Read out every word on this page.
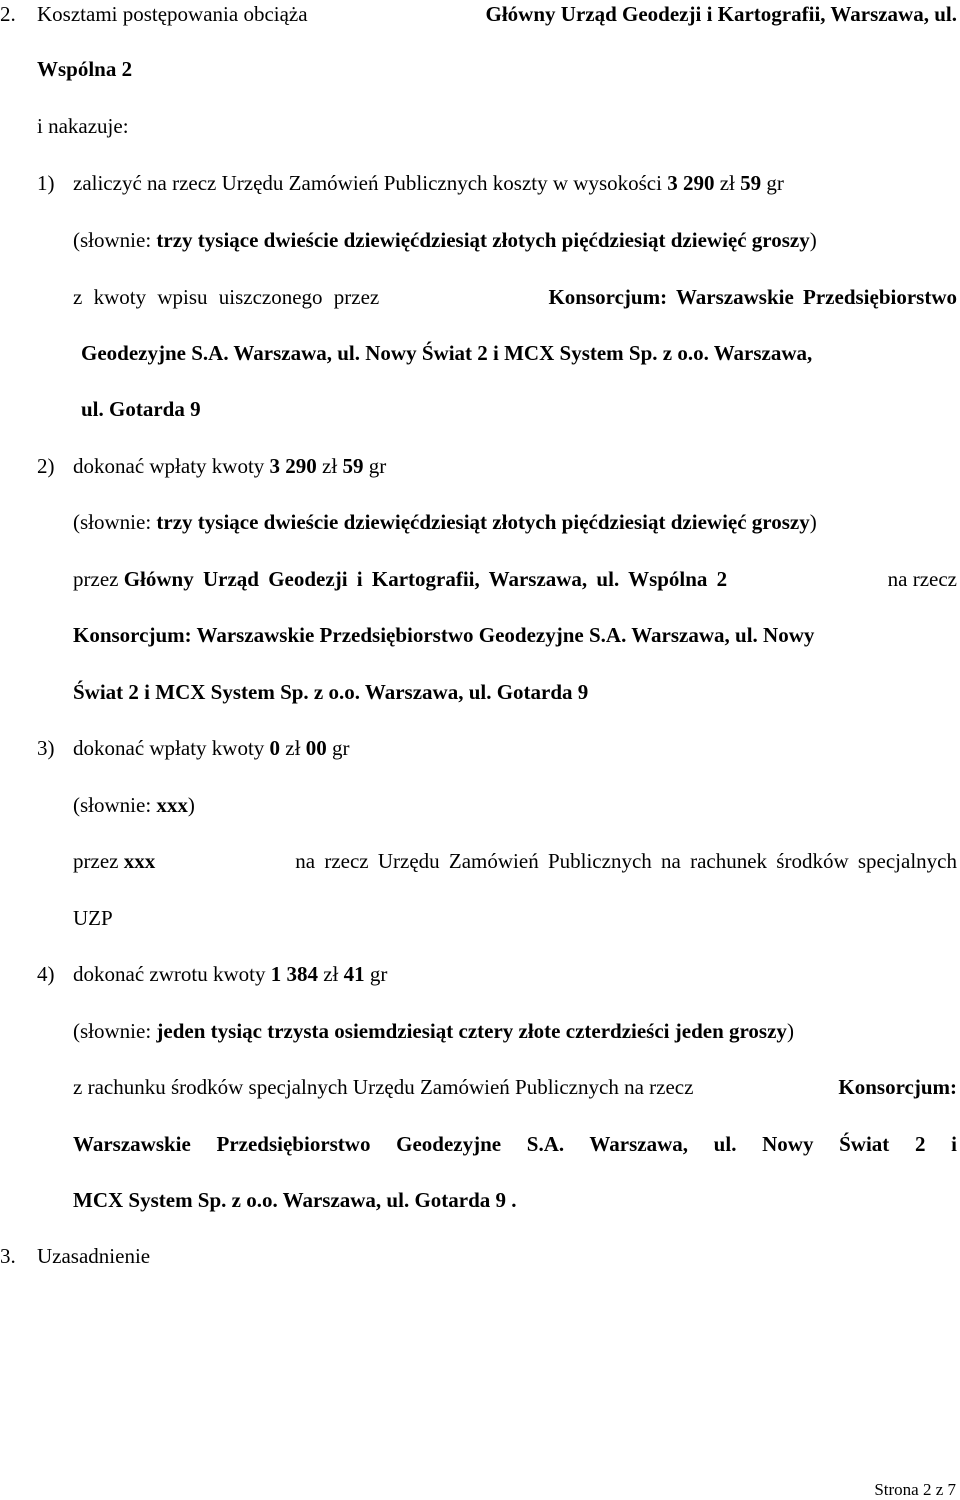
2. Kosztami postępowania obciąża	Główny Urząd Geodezji i Kartografii, Warszawa, ul.
Wspólna 2
i nakazuje:
1) zaliczyć na rzecz Urzędu Zamówień Publicznych koszty w wysokości 3 290 zł 59 gr
(słownie: trzy tysiące dwieście dziewięćdziesiąt złotych pięćdziesiąt dziewięć groszy)
z kwoty wpisu uiszczonego przez	Konsorcjum: Warszawskie Przedsiębiorstwo
Geodezyjne S.A. Warszawa, ul. Nowy Świat 2 i MCX System Sp. z o.o. Warszawa,
ul. Gotarda 9
2) dokonać wpłaty kwoty 3 290 zł 59 gr
(słownie: trzy tysiące dwieście dziewięćdziesiąt złotych pięćdziesiąt dziewięć groszy)
przez Główny Urząd Geodezji i Kartografii, Warszawa, ul. Wspólna 2	na rzecz
Konsorcjum: Warszawskie Przedsiębiorstwo Geodezyjne S.A. Warszawa, ul. Nowy
Świat 2 i MCX System Sp. z o.o. Warszawa, ul. Gotarda 9
3) dokonać wpłaty kwoty 0 zł 00 gr
(słownie: xxx)
przez xxx	na rzecz Urzędu Zamówień Publicznych na rachunek środków specjalnych
UZP
4) dokonać zwrotu kwoty 1 384 zł 41 gr
(słownie: jeden tysiąc trzysta osiemdziesiąt cztery złote czterdzieści jeden groszy)
z rachunku środków specjalnych Urzędu Zamówień Publicznych na rzecz	Konsorcjum:
Warszawskie Przedsiębiorstwo Geodezyjne S.A. Warszawa, ul. Nowy Świat 2 i
MCX System Sp. z o.o. Warszawa, ul. Gotarda 9 .
3. Uzasadnienie
Strona 2 z 7
